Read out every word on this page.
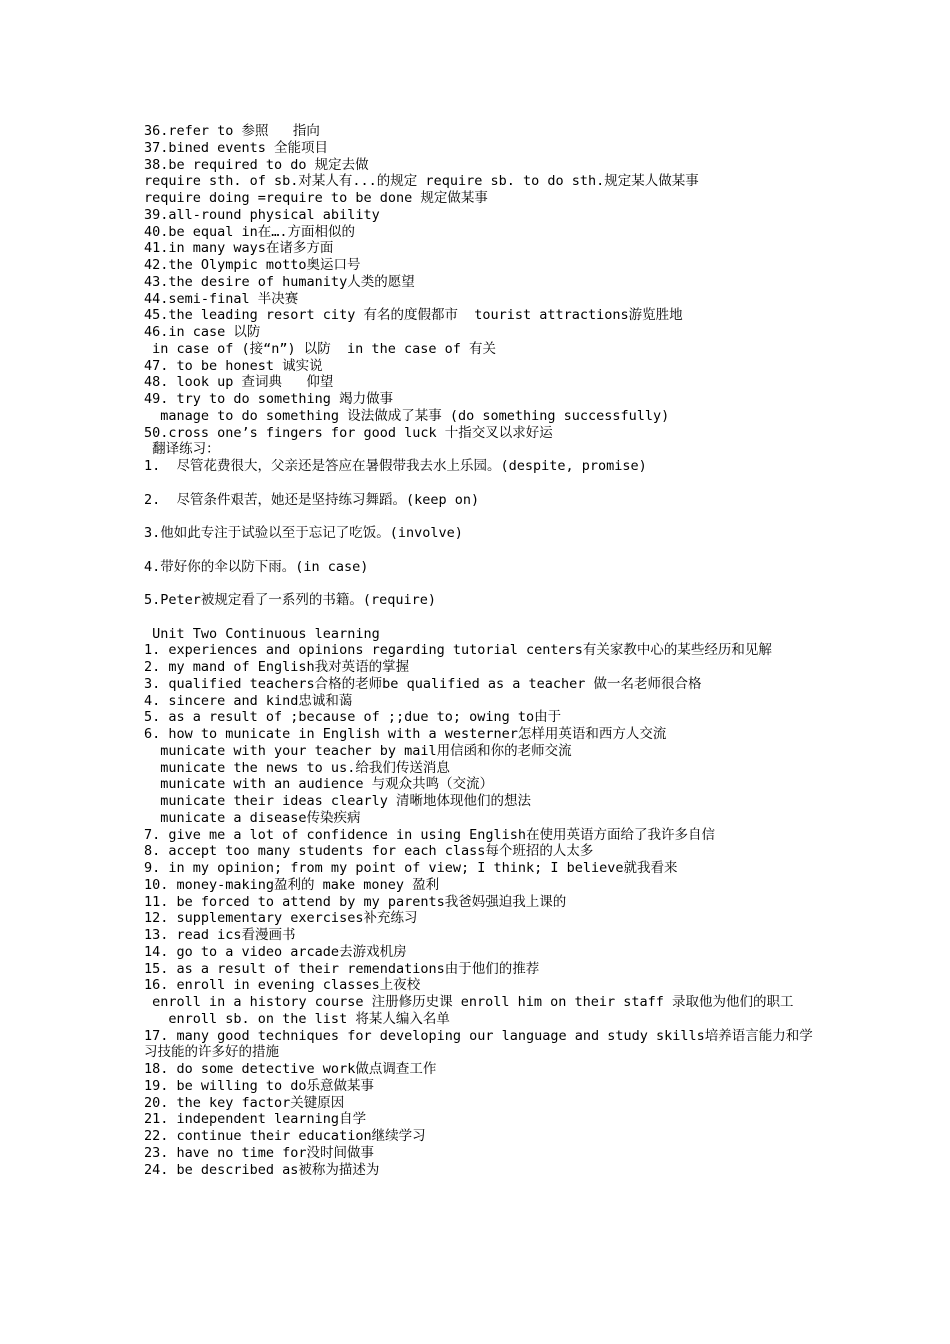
36.refer to 参照   指向
37.bined events 全能项目
38.be required to do 规定去做
require sth. of sb.对某人有...的规定 require sb. to do sth.规定某人做某事
require doing =require to be done 规定做某事
39.all-round physical ability
40.be equal in在….方面相似的
41.in many ways在诸多方面
42.the Olympic motto奥运口号
43.the desire of humanity人类的愿望
44.semi-final 半决赛
45.the leading resort city 有名的度假都市  tourist attractions游览胜地
46.in case 以防
in case of (接“n”) 以防  in the case of 有关
47. to be honest 诚实说
48. look up 查词典   仰望
49. try to do something 竭力做事
manage to do something 设法做成了某事 (do something successfully)
50.cross one’s fingers for good luck 十指交叉以求好运
翻译练习：
1.  尽管花费很大，父亲还是答应在暑假带我去水上乐园。(despite, promise)
2.  尽管条件艰苦，她还是坚持练习舞蹈。(keep on)
3.他如此专注于试验以至于忘记了吃饭。(involve)
4.带好你的伞以防下雨。(in case)
5.Peter被规定看了一系列的书籍。(require)
Unit Two Continuous learning
1. experiences and opinions regarding tutorial centers有关家教中心的某些经历和见解
2. my mand of English我对英语的掌握
3. qualified teachers合格的老师be qualified as a teacher 做一名老师很合格
4. sincere and kind忠诚和蔼
5. as a result of ;because of ;;due to; owing to由于
6. how to municate in English with a westerner怎样用英语和西方人交流
municate with your teacher by mail用信函和你的老师交流
municate the news to us.给我们传送消息
municate with an audience 与观众共鸣（交流）
municate their ideas clearly 清晰地体现他们的想法
municate a disease传染疾病
7. give me a lot of confidence in using English在使用英语方面给了我许多自信
8. accept too many students for each class每个班招的人太多
9. in my opinion; from my point of view; I think; I believe就我看来
10. money-making盈利的 make money 盈利
11. be forced to attend by my parents我爸妈强迫我上课的
12. supplementary exercises补充练习
13. read ics看漫画书
14. go to a video arcade去游戏机房
15. as a result of their remendations由于他们的推荐
16. enroll in evening classes上夜校
enroll in a history course 注册修历史课 enroll him on their staff 录取他为他们的职工
enroll sb. on the list 将某人编入名单
17. many good techniques for developing our language and study skills培养语言能力和学习技能的许多好的措施
18. do some detective work做点调查工作
19. be willing to do乐意做某事
20. the key factor关键原因
21. independent learning自学
22. continue their education继续学习
23. have no time for没时间做事
24. be described as被称为描述为
